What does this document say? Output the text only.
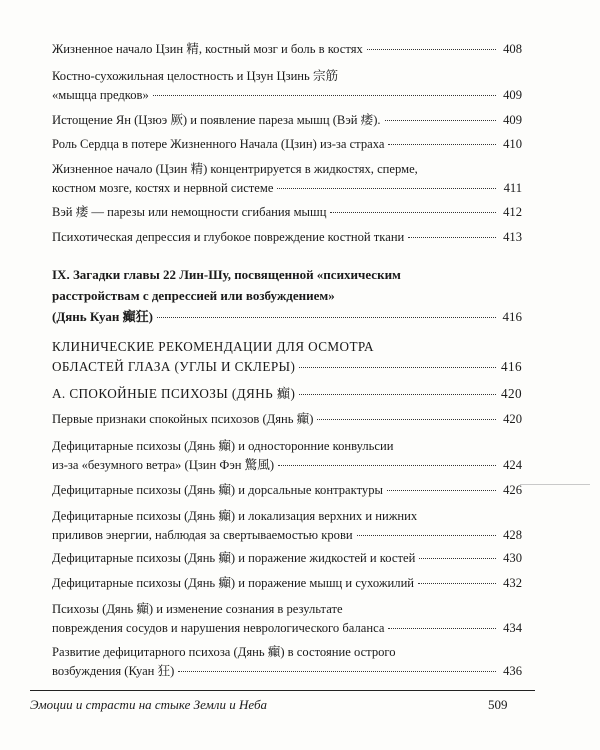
Жизненное начало Цзин 精, костный мозг и боль в костях	408
Костно-сухожильная целостность и Цзун Цзинь 宗筋
«мыщца предков»	409
Истощение Ян (Цзюэ 厥) и появление пареза мышц (Вэй 痿).	409
Роль Сердца в потере Жизненного Начала (Цзин) из-за страха	410
Жизненное начало (Цзин 精) концентрируется в жидкостях, сперме,
костном мозге, костях и нервной системе	411
Вэй 痿 — парезы или немощности сгибания мышц	412
Психотическая депрессия и глубокое повреждение костной ткани	413
IX. Загадки главы 22 Лин-Шу, посвященной «психическим
расстройствам с депрессией или возбуждением»
(Дянь Куан 癲狂)	416
КЛИНИЧЕСКИЕ РЕКОМЕНДАЦИИ ДЛЯ ОСМОТРА
ОБЛАСТЕЙ ГЛАЗА (УГЛЫ И СКЛЕРЫ)	416
А. СПОКОЙНЫЕ ПСИХОЗЫ (ДЯНЬ 癲)	420
Первые признаки спокойных психозов (Дянь 癲)	420
Дефицитарные психозы (Дянь 癲) и односторонние конвульсии
из-за «безумного ветра» (Цзин Фэн 驚風)	424
Дефицитарные психозы (Дянь 癲) и дорсальные контрактуры	426
Дефицитарные психозы (Дянь 癲) и локализация верхних и нижних
приливов энергии, наблюдая за свертываемостью крови	428
Дефицитарные психозы (Дянь 癲) и поражение жидкостей и костей	430
Дефицитарные психозы (Дянь 癲) и поражение мышц и сухожилий	432
Психозы (Дянь 癲) и изменение сознания в результате
повреждения сосудов и нарушения неврологического баланса	434
Развитие дефицитарного психоза (Дянь 癲) в состояние острого
возбуждения (Куан 狂)	436
Эмоции и страсти на стыке Земли и Неба	509
